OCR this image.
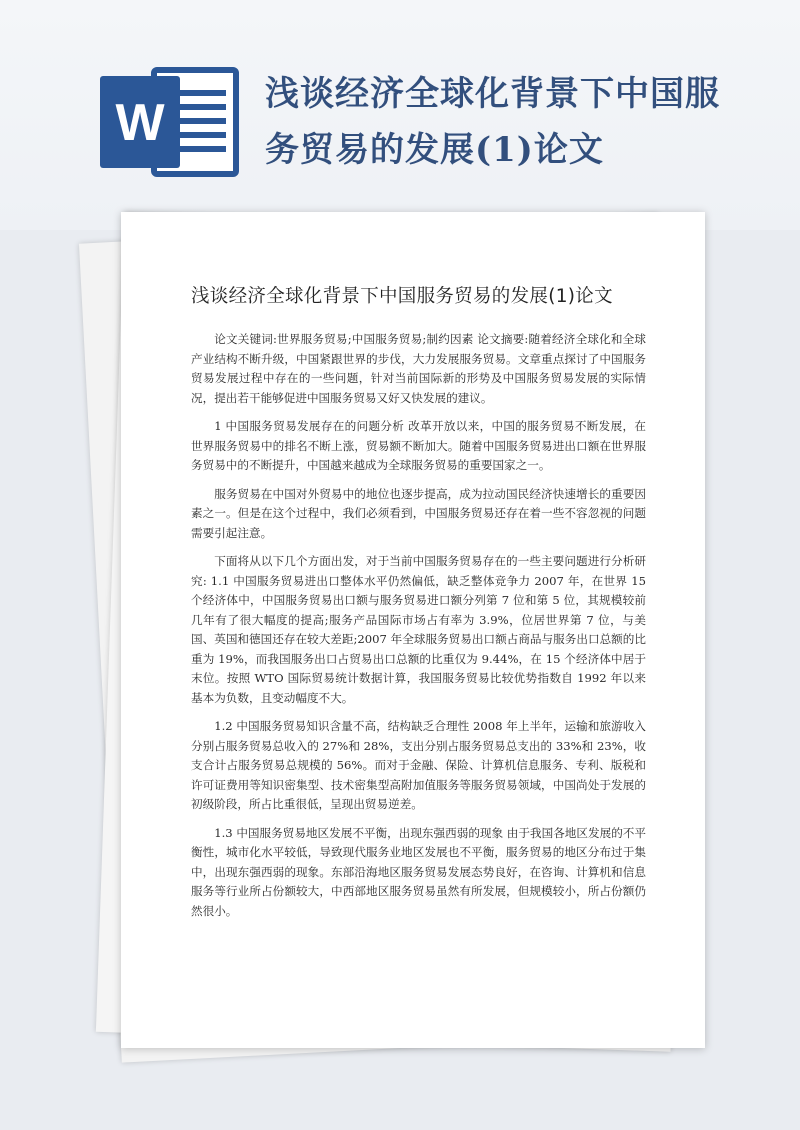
W	浅谈经济全球化背景下中国服务贸易的发展(1)论文
浅谈经济全球化背景下中国服务贸易的发展(1)论文

论文关键词:世界服务贸易;中国服务贸易;制约因素 论文摘要:随着经济全球化和全球产业结构不断升级，中国紧跟世界的步伐，大力发展服务贸易。文章重点探讨了中国服务贸易发展过程中存在的一些问题，针对当前国际新的形势及中国服务贸易发展的实际情况，提出若干能够促进中国服务贸易又好又快发展的建议。

1 中国服务贸易发展存在的问题分析 改革开放以来，中国的服务贸易不断发展，在世界服务贸易中的排名不断上涨，贸易额不断加大。随着中国服务贸易进出口额在世界服务贸易中的不断提升，中国越来越成为全球服务贸易的重要国家之一。

服务贸易在中国对外贸易中的地位也逐步提高，成为拉动国民经济快速增长的重要因素之一。但是在这个过程中，我们必须看到，中国服务贸易还存在着一些不容忽视的问题需要引起注意。

下面将从以下几个方面出发，对于当前中国服务贸易存在的一些主要问题进行分析研究: 1.1 中国服务贸易进出口整体水平仍然偏低，缺乏整体竞争力 2007 年，在世界 15 个经济体中，中国服务贸易出口额与服务贸易进口额分列第 7 位和第 5 位，其规模较前几年有了很大幅度的提高;服务产品国际市场占有率为 3.9%，位居世界第 7 位，与美国、英国和德国还存在较大差距;2007 年全球服务贸易出口额占商品与服务出口总额的比重为 19%，而我国服务出口占贸易出口总额的比重仅为 9.44%，在 15 个经济体中居于末位。按照 WTO 国际贸易统计数据计算，我国服务贸易比较优势指数自 1992 年以来基本为负数，且变动幅度不大。

1.2 中国服务贸易知识含量不高，结构缺乏合理性 2008 年上半年，运输和旅游收入分别占服务贸易总收入的 27%和 28%，支出分别占服务贸易总支出的 33%和 23%，收支合计占服务贸易总规模的 56%。而对于金融、保险、计算机信息服务、专利、版税和许可证费用等知识密集型、技术密集型高附加值服务等服务贸易领域，中国尚处于发展的初级阶段，所占比重很低，呈现出贸易逆差。

1.3 中国服务贸易地区发展不平衡，出现东强西弱的现象 由于我国各地区发展的不平衡性，城市化水平较低，导致现代服务业地区发展也不平衡，服务贸易的地区分布过于集中，出现东强西弱的现象。东部沿海地区服务贸易发展态势良好，在咨询、计算机和信息服务等行业所占份额较大，中西部地区服务贸易虽然有所发展，但规模较小，所占份额仍然很小。
